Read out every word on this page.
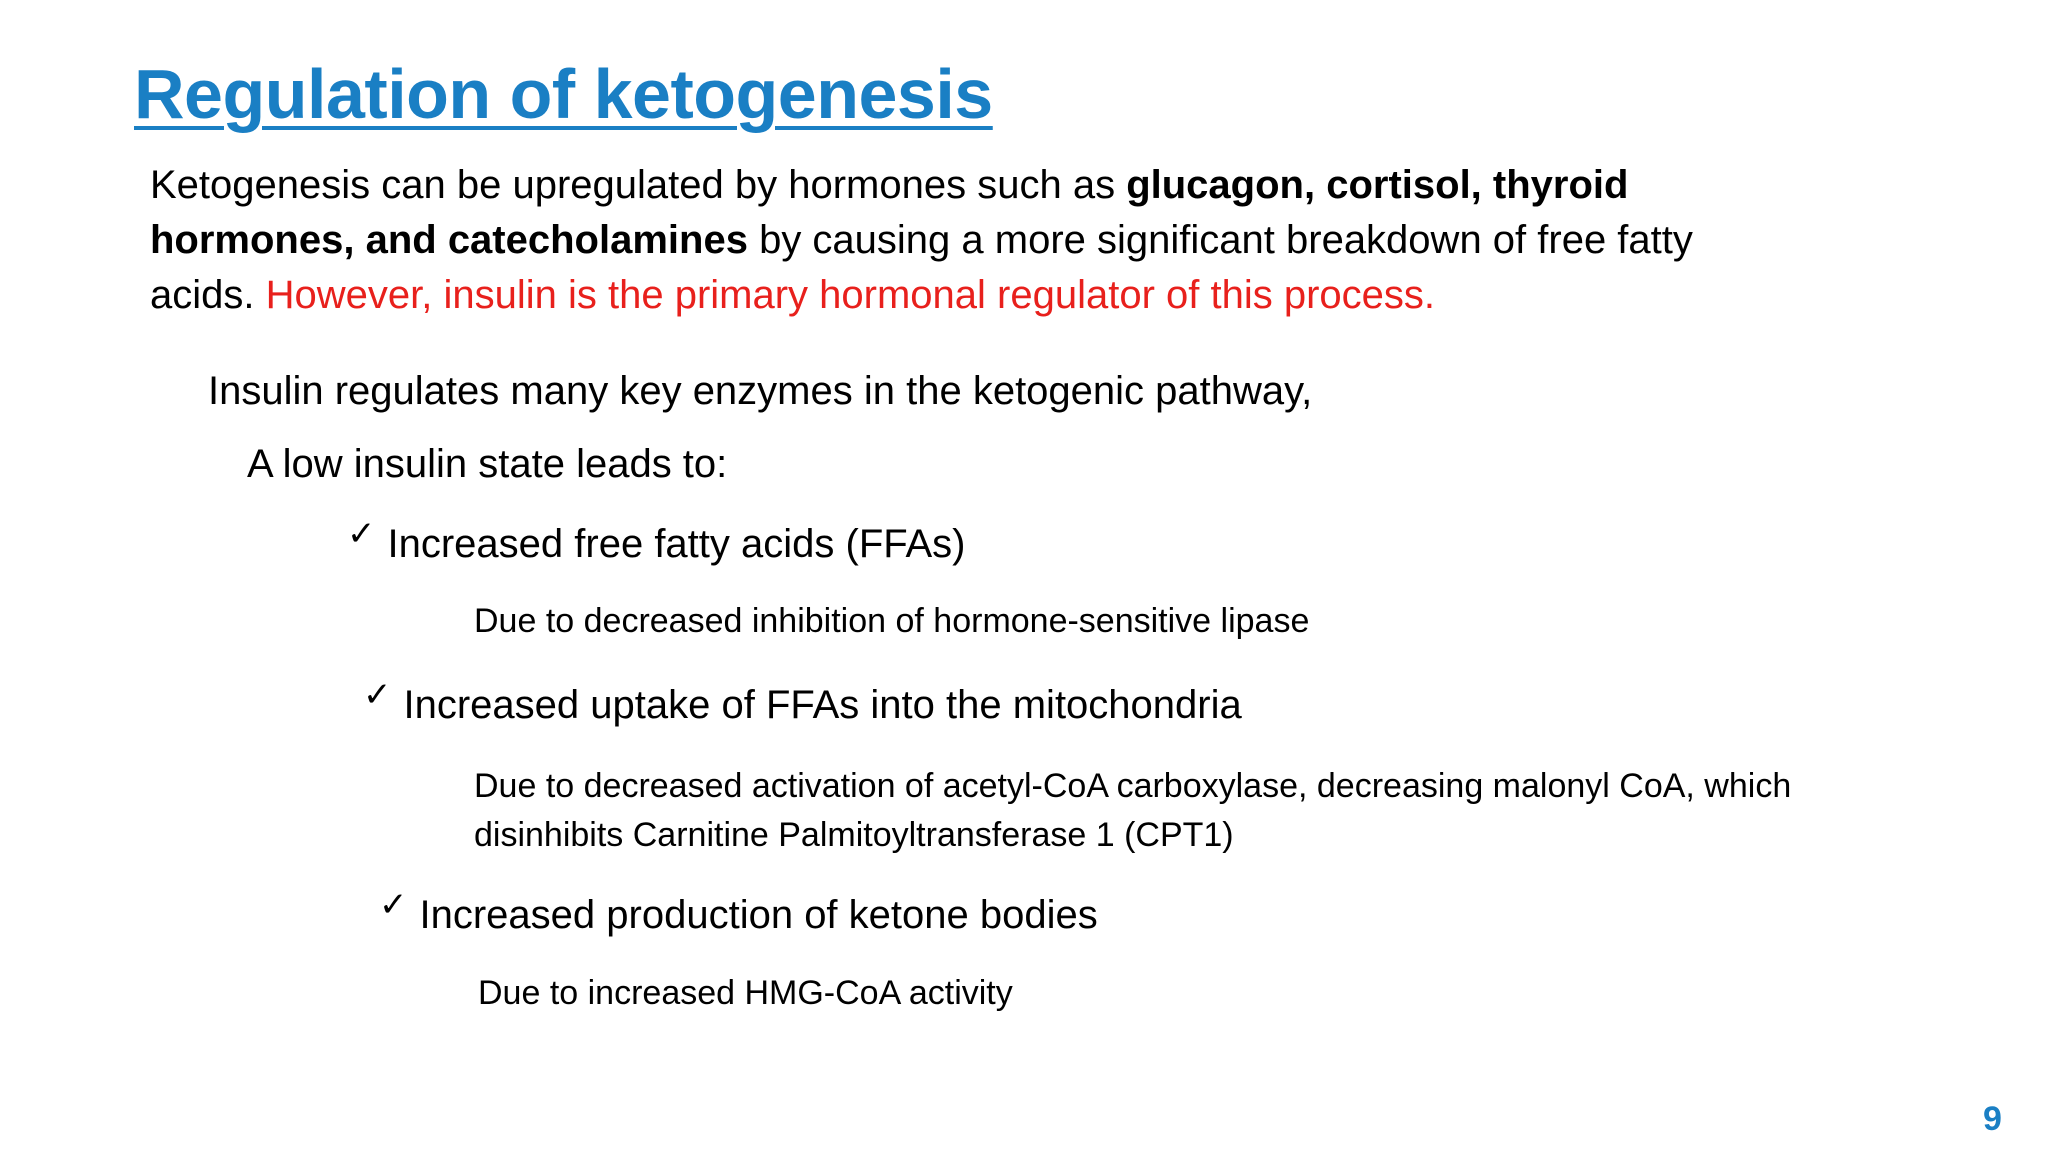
Regulation of ketogenesis

Ketogenesis can be upregulated by hormones such as glucagon, cortisol, thyroid hormones, and catecholamines by causing a more significant breakdown of free fatty acids. However, insulin is the primary hormonal regulator of this process.

Insulin regulates many key enzymes in the ketogenic pathway,

A low insulin state leads to:

✓ Increased free fatty acids (FFAs)

Due to decreased inhibition of hormone-sensitive lipase

✓ Increased uptake of FFAs into the mitochondria

Due to decreased activation of acetyl-CoA carboxylase, decreasing malonyl CoA, which disinhibits Carnitine Palmitoyltransferase 1 (CPT1)

✓ Increased production of ketone bodies

Due to increased HMG-CoA activity

9
